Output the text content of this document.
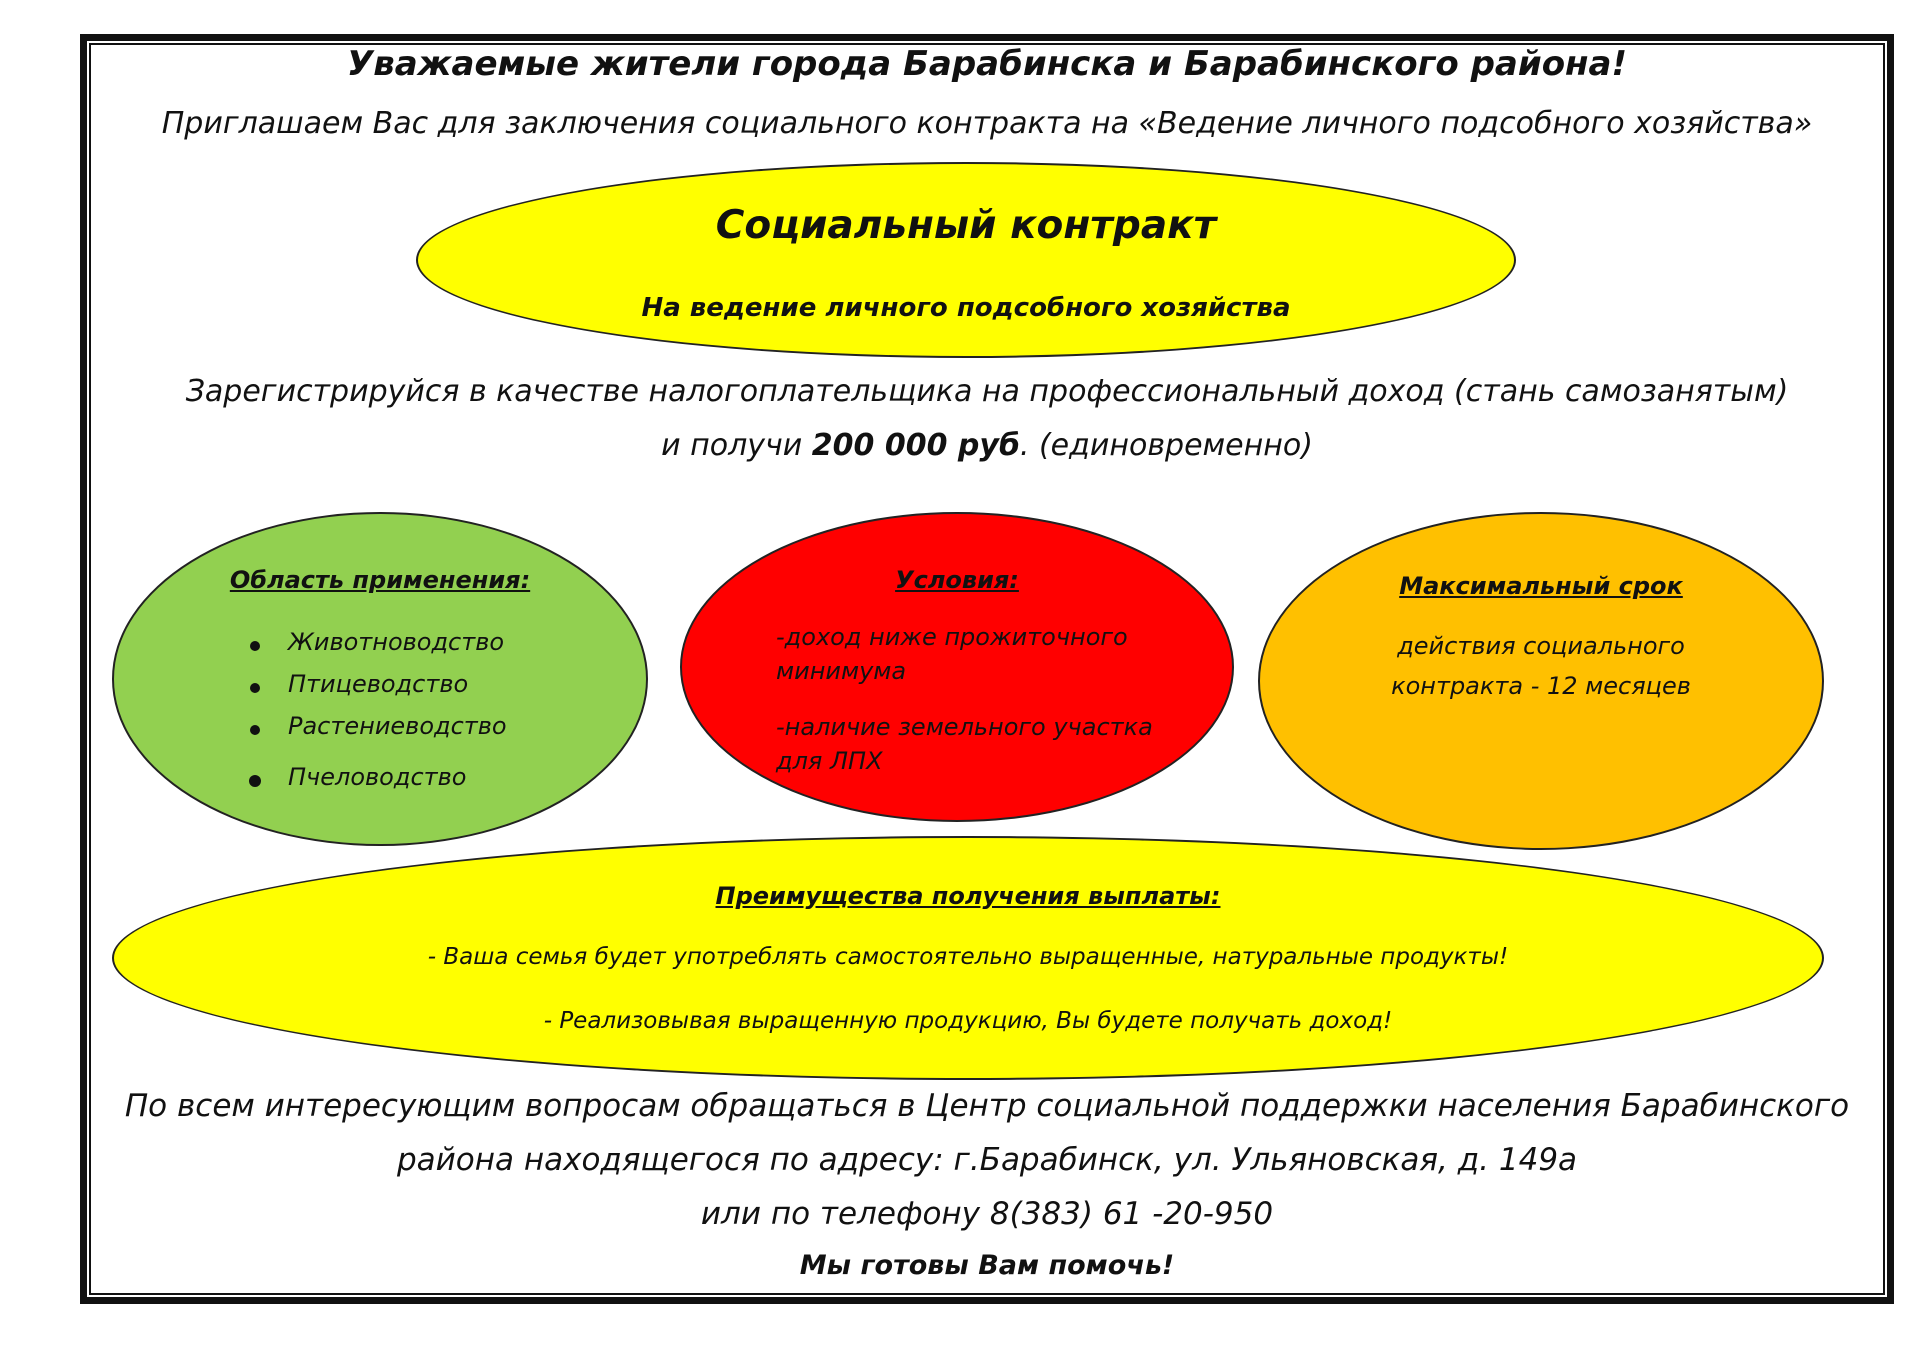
Уважаемые жители города Барабинска и Барабинского района!
Приглашаем Вас для заключения социального контракта на «Ведение личного подсобного хозяйства»
Социальный контракт
На ведение личного подсобного хозяйства
Зарегистрируйся в качестве налогоплательщика на профессиональный доход (стань самозанятым)
и получи 200 000 руб. (единовременно)
Область применения:
Животноводство
Птицеводство
Растениеводство
Пчеловодство
Условия:
-доход ниже прожиточного
минимума
-наличие земельного участка
для ЛПХ
Максимальный срок
действия социального
контракта - 12 месяцев
Преимущества получения выплаты:
- Ваша семья будет употреблять самостоятельно выращенные, натуральные продукты!
- Реализовывая выращенную продукцию, Вы будете получать доход!
По всем интересующим вопросам обращаться в Центр социальной поддержки населения Барабинского
района находящегося по адресу: г.Барабинск, ул. Ульяновская, д. 149а
или по телефону 8(383) 61 -20-950
Мы готовы Вам помочь!
